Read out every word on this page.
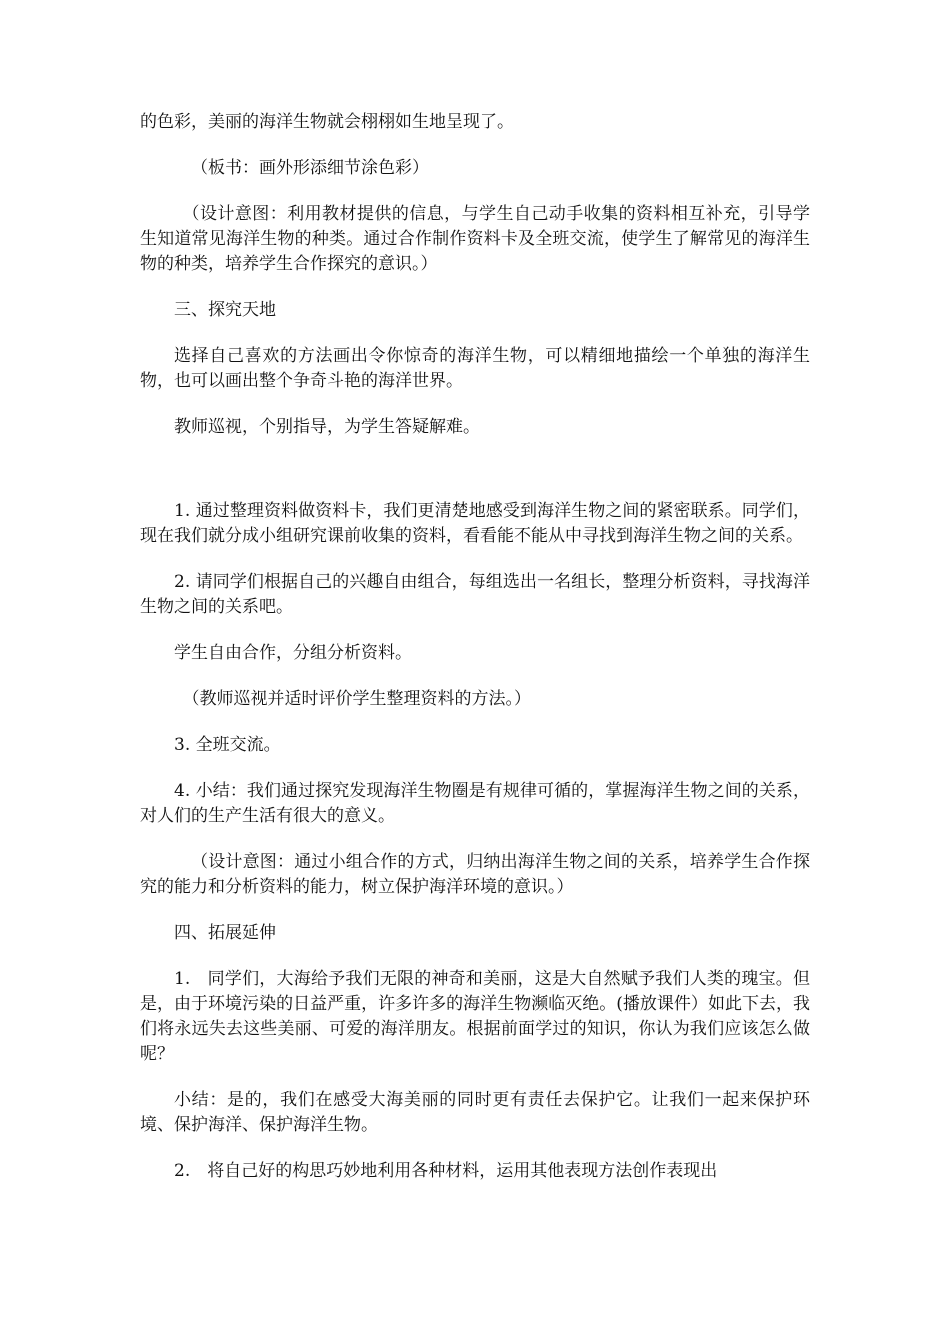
的色彩，美丽的海洋生物就会栩栩如生地呈现了。

（板书：画外形添细节涂色彩）

（设计意图：利用教材提供的信息，与学生自己动手收集的资料相互补充，引导学生知道常见海洋生物的种类。通过合作制作资料卡及全班交流，使学生了解常见的海洋生物的种类，培养学生合作探究的意识。）

三、探究天地

选择自己喜欢的方法画出令你惊奇的海洋生物，可以精细地描绘一个单独的海洋生物，也可以画出整个争奇斗艳的海洋世界。

教师巡视，个别指导，为学生答疑解难。

1. 通过整理资料做资料卡，我们更清楚地感受到海洋生物之间的紧密联系。同学们，现在我们就分成小组研究课前收集的资料，看看能不能从中寻找到海洋生物之间的关系。

2. 请同学们根据自己的兴趣自由组合，每组选出一名组长，整理分析资料，寻找海洋生物之间的关系吧。

学生自由合作，分组分析资料。

（教师巡视并适时评价学生整理资料的方法。）

3. 全班交流。

4. 小结：我们通过探究发现海洋生物圈是有规律可循的，掌握海洋生物之间的关系，对人们的生产生活有很大的意义。

（设计意图：通过小组合作的方式，归纳出海洋生物之间的关系，培养学生合作探究的能力和分析资料的能力，树立保护海洋环境的意识。）

四、拓展延伸

1.　同学们，大海给予我们无限的神奇和美丽，这是大自然赋予我们人类的瑰宝。但是，由于环境污染的日益严重，许多许多的海洋生物濒临灭绝。(播放课件）如此下去，我们将永远失去这些美丽、可爱的海洋朋友。根据前面学过的知识，你认为我们应该怎么做呢？

小结：是的，我们在感受大海美丽的同时更有责任去保护它。让我们一起来保护环境、保护海洋、保护海洋生物。

2.　将自己好的构思巧妙地利用各种材料，运用其他表现方法创作表现出
